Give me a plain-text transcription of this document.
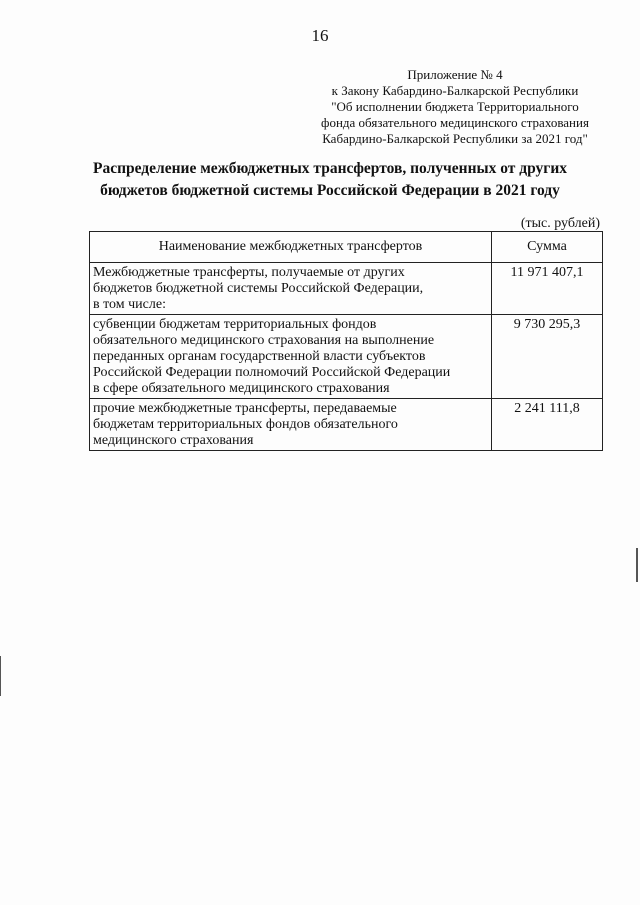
16
Приложение № 4
к Закону Кабардино-Балкарской Республики
"Об исполнении бюджета Территориального
фонда обязательного медицинского страхования
Кабардино-Балкарской Республики за 2021 год"
Распределение межбюджетных трансфертов, полученных от других
бюджетов бюджетной системы Российской Федерации в 2021 году
(тыс. рублей)
Наименование межбюджетных трансфертов	Сумма

Межбюджетные трансферты, получаемые от других
бюджетов бюджетной системы Российской Федерации,
в том числе:	11 971 407,1

субвенции бюджетам территориальных фондов
обязательного медицинского страхования на выполнение
переданных органам государственной власти субъектов
Российской Федерации полномочий Российской Федерации
в сфере обязательного медицинского страхования	9 730 295,3

прочие межбюджетные трансферты, передаваемые
бюджетам территориальных фондов обязательного
медицинского страхования	2 241 111,8
